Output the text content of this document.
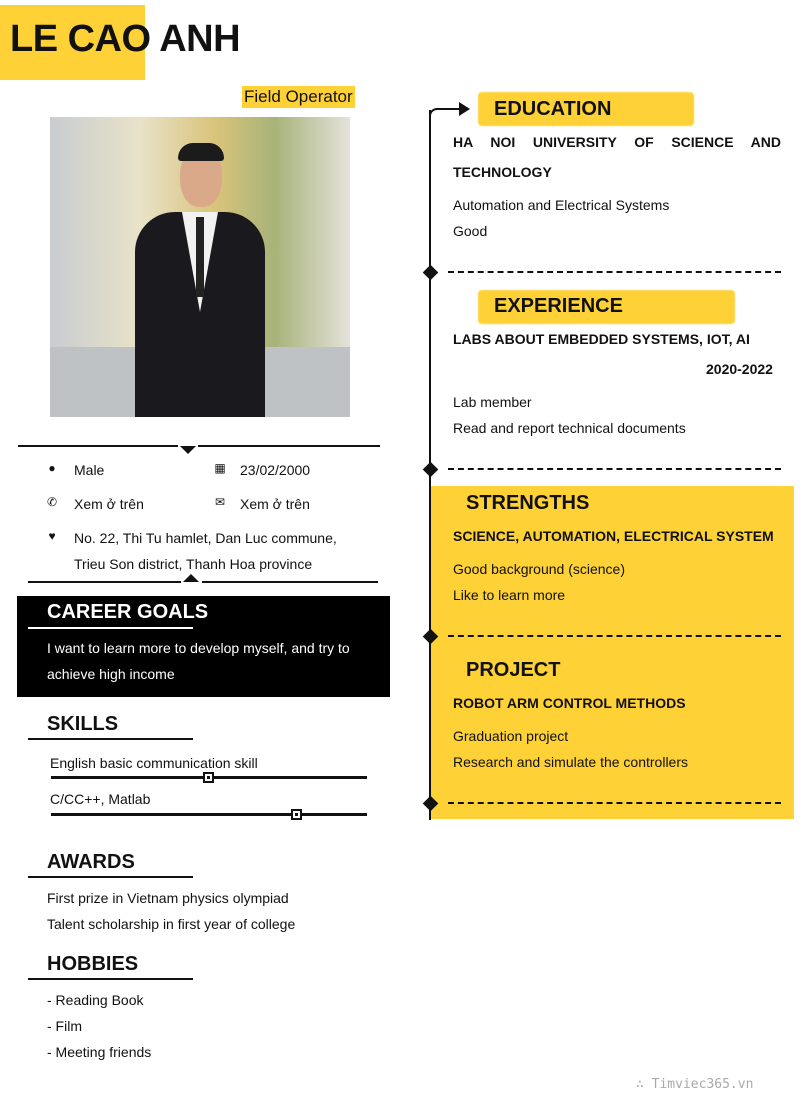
LE CAO ANH
Field Operator
● Male	▦ 23/02/2000
✆ Xem ở trên	✉ Xem ở trên
♥ No. 22, Thi Tu hamlet, Dan Luc commune,
Trieu Son district, Thanh Hoa province
CAREER GOALS
I want to learn more to develop myself, and try to
achieve high income
SKILLS
English basic communication skill
C/CC++, Matlab
AWARDS
First prize in Vietnam physics olympiad
Talent scholarship in first year of college
HOBBIES
- Reading Book
- Film
- Meeting friends
EDUCATION
HA NOI UNIVERSITY OF SCIENCE AND
TECHNOLOGY
Automation and Electrical Systems
Good
EXPERIENCE
LABS ABOUT EMBEDDED SYSTEMS, IOT, AI
2020-2022
Lab member
Read and report technical documents
STRENGTHS
SCIENCE, AUTOMATION, ELECTRICAL SYSTEM
Good background (science)
Like to learn more
PROJECT
ROBOT ARM CONTROL METHODS
Graduation project
Research and simulate the controllers
∴ Timviec365.vn
